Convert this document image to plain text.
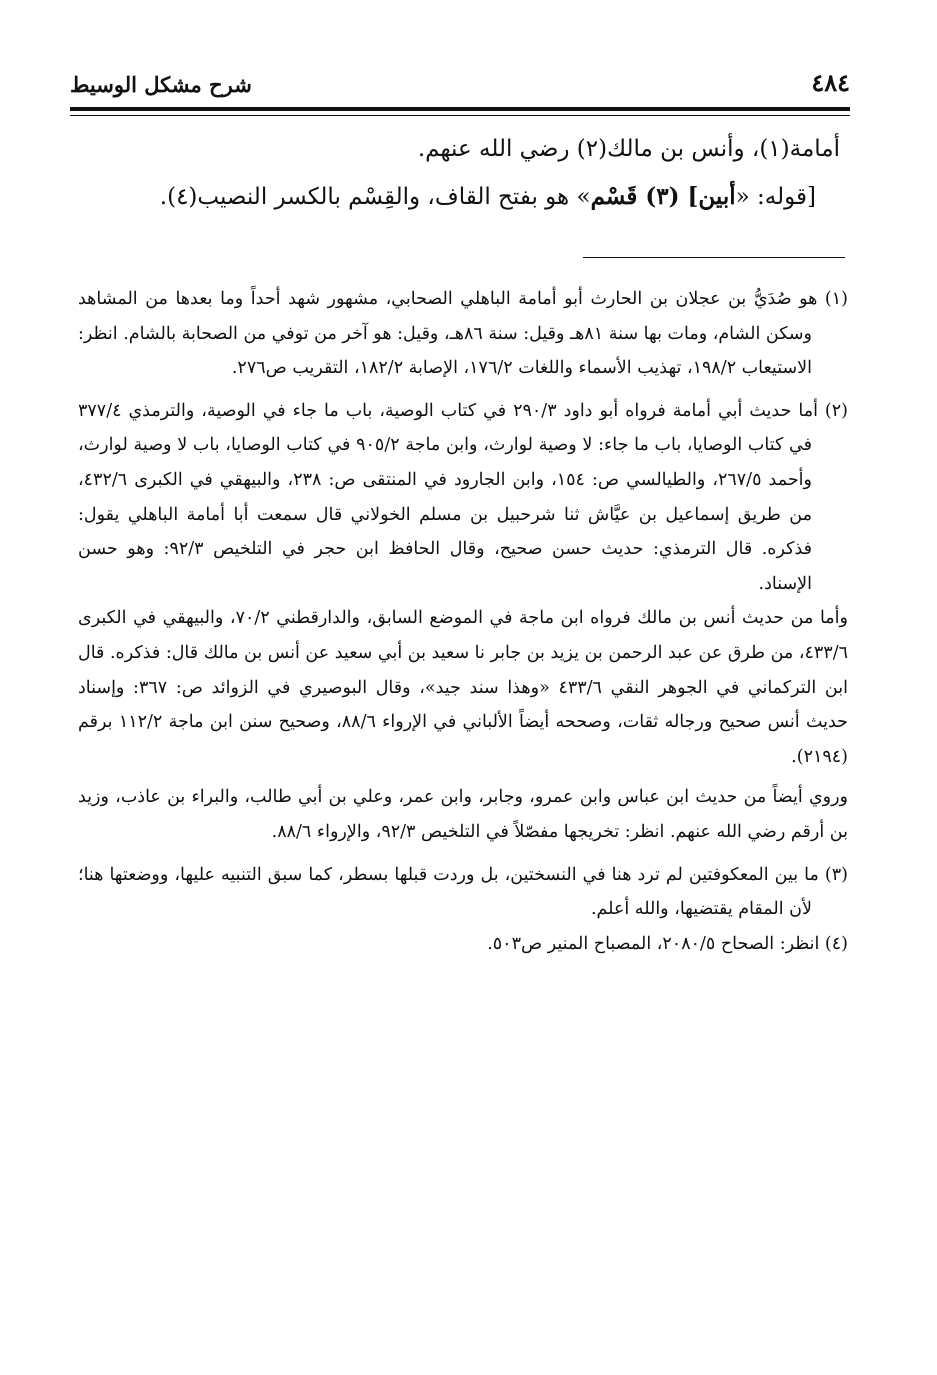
٤٨٤
شرح مشكل الوسيط

أمامة(١)، وأنس بن مالك(٢) رضي الله عنهم.

[قوله: «أبين] (٣) قَسْم» هو بفتح القاف، والقِسْم بالكسر النصيب(٤).

(١) هو صُدَيُّ بن عجلان بن الحارث أبو أمامة الباهلي الصحابي، مشهور شهد أحداً وما بعدها من المشاهد وسكن الشام، ومات بها سنة ٨١هـ وقيل: سنة ٨٦هـ، وقيل: هو آخر من توفي من الصحابة بالشام. انظر: الاستيعاب ١٩٨/٢، تهذيب الأسماء واللغات ١٧٦/٢، الإصابة ١٨٢/٢، التقريب ص٢٧٦.

(٢) أما حديث أبي أمامة فرواه أبو داود ٢٩٠/٣ في كتاب الوصية، باب ما جاء في الوصية، والترمذي ٣٧٧/٤ في كتاب الوصايا، باب ما جاء: لا وصية لوارث، وابن ماجة ٩٠٥/٢ في كتاب الوصايا، باب لا وصية لوارث، وأحمد ٢٦٧/٥، والطيالسي ص: ١٥٤، وابن الجارود في المنتقى ص: ٢٣٨، والبيهقي في الكبرى ٤٣٢/٦، من طريق إسماعيل بن عيَّاش ثنا شرحبيل بن مسلم الخولاني قال سمعت أبا أمامة الباهلي يقول: فذكره. قال الترمذي: حديث حسن صحيح، وقال الحافظ ابن حجر في التلخيص ٩٢/٣: وهو حسن الإسناد.

وأما من حديث أنس بن مالك فرواه ابن ماجة في الموضع السابق، والدارقطني ٧٠/٢، والبيهقي في الكبرى ٤٣٣/٦، من طرق عن عبد الرحمن بن يزيد بن جابر نا سعيد بن أبي سعيد عن أنس بن مالك قال: فذكره. قال ابن التركماني في الجوهر النقي ٤٣٣/٦ «وهذا سند جيد»، وقال البوصيري في الزوائد ص: ٣٦٧: وإسناد حديث أنس صحيح ورجاله ثقات، وصححه أيضاً الألباني في الإرواء ٨٨/٦، وصحيح سنن ابن ماجة ١١٢/٢ برقم (٢١٩٤).

وروي أيضاً من حديث ابن عباس وابن عمرو، وجابر، وابن عمر، وعلي بن أبي طالب، والبراء بن عاذب، وزيد بن أرقم رضي الله عنهم. انظر: تخريجها مفصّلاً في التلخيص ٩٢/٣، والإرواء ٨٨/٦.

(٣) ما بين المعكوفتين لم ترد هنا في النسختين، بل وردت قبلها بسطر، كما سبق التنبيه عليها، ووضعتها هنا؛ لأن المقام يقتضيها، والله أعلم.

(٤) انظر: الصحاح ٢٠٨٠/٥، المصباح المنير ص٥٠٣.
